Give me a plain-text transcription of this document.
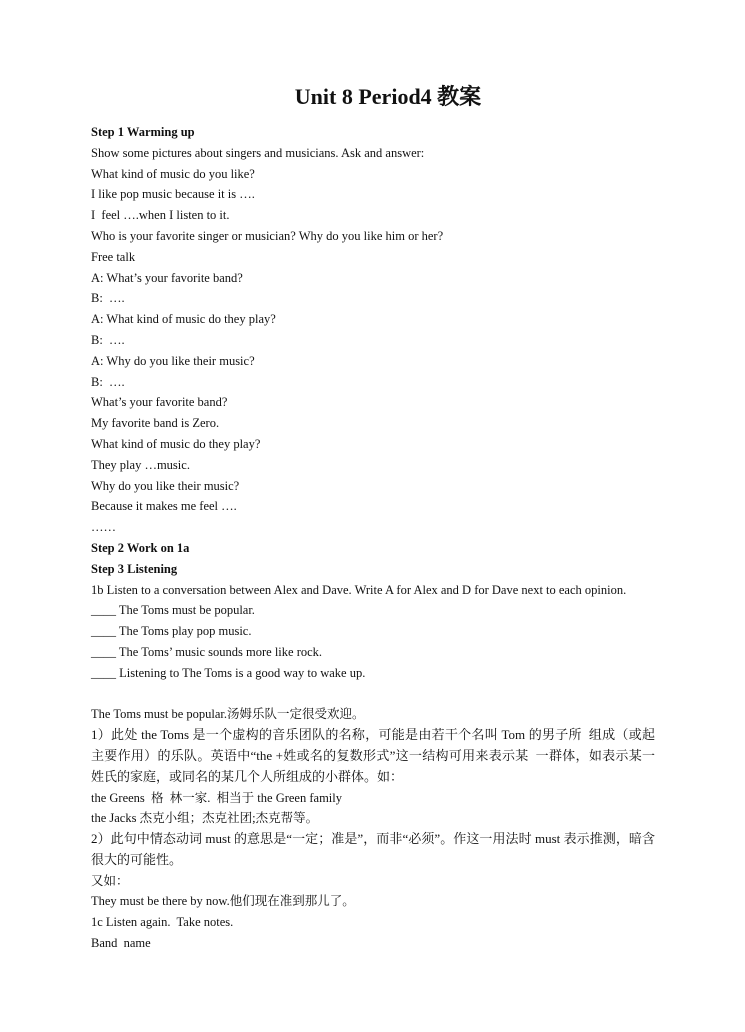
Unit 8 Period4 教案

Step 1 Warming up

Show some pictures about singers and musicians. Ask and answer:

What kind of music do you like?

I like pop music because it is ….

I  feel ….when I listen to it.

Who is your favorite singer or musician? Why do you like him or her?

Free talk

A: What’s your favorite band?

B:  ….

A: What kind of music do they play?

B:  ….

A: Why do you like their music?

B:  ….

What’s your favorite band?

My favorite band is Zero.

What kind of music do they play?

They play …music.

Why do you like their music?

Because it makes me feel ….

……

Step 2 Work on 1a

Step 3 Listening

1b Listen to a conversation between Alex and Dave. Write A for Alex and D for Dave next to each opinion.

____ The Toms must be popular.

____ The Toms play pop music.

____ The Toms’ music sounds more like rock.

____ Listening to The Toms is a good way to wake up.

The Toms must be popular.汤姆乐队一定很受欢迎。

1）此处 the Toms 是一个虚构的音乐团队的名称，可能是由若干个名叫 Tom 的男子所  组成（或起主要作用）的乐队。英语中“the +姓或名的复数形式”这一结构可用来表示某  一群体，如表示某一姓氏的家庭，或同名的某几个人所组成的小群体。如：

the Greens  格  林一家.  相当于 the Green family

the Jacks 杰克小组；杰克社团;杰克帮等。

2）此句中情态动词 must 的意思是“一定；准是”，而非“必须”。作这一用法时 must 表示推测，暗含很大的可能性。

又如：

They must be there by now.他们现在准到那儿了。

1c Listen again.  Take notes.

Band  name
